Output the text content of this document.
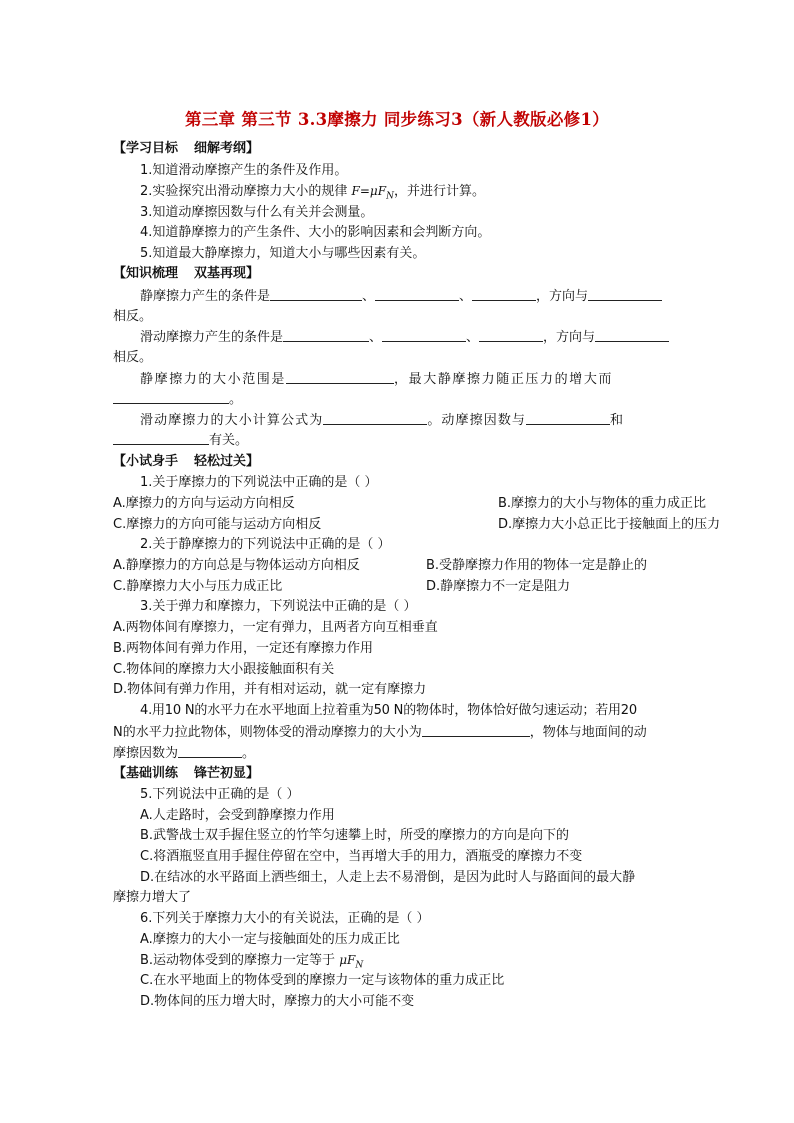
第三章 第三节 3.3摩擦力 同步练习3（新人教版必修1）
【学习目标 细解考纲】
1.知道滑动摩擦产生的条件及作用。
2.实验探究出滑动摩擦力大小的规律 $F=\mu F_N$，并进行计算。
3.知道动摩擦因数与什么有关并会测量。
4.知道静摩擦力的产生条件、大小的影响因素和会判断方向。
5.知道最大静摩擦力，知道大小与哪些因素有关。
【知识梳理 双基再现】
静摩擦力产生的条件是	、	、	，方向与
相反。
滑动摩擦力产生的条件是	、	、	，方向与
相反。
静摩擦力的大小范围是	，最大静摩擦力随正压力的增大而
。
滑动摩擦力的大小计算公式为	。动摩擦因数与	和
有关。
【小试身手 轻松过关】
1.关于摩擦力的下列说法中正确的是（ ）
A.摩擦力的方向与运动方向相反	B.摩擦力的大小与物体的重力成正比
C.摩擦力的方向可能与运动方向相反	D.摩擦力大小总正比于接触面上的压力
2.关于静摩擦力的下列说法中正确的是（ ）
A.静摩擦力的方向总是与物体运动方向相反	B.受静摩擦力作用的物体一定是静止的
C.静摩擦力大小与压力成正比	D.静摩擦力不一定是阻力
3.关于弹力和摩擦力，下列说法中正确的是（ ）
A.两物体间有摩擦力，一定有弹力，且两者方向互相垂直
B.两物体间有弹力作用，一定还有摩擦力作用
C.物体间的摩擦力大小跟接触面积有关
D.物体间有弹力作用，并有相对运动，就一定有摩擦力
4.用10 N的水平力在水平地面上拉着重为50 N的物体时，物体恰好做匀速运动；若用20
N的水平力拉此物体，则物体受的滑动摩擦力的大小为	，物体与地面间的动
摩擦因数为	。
【基础训练 锋芒初显】
5.下列说法中正确的是（ ）
A.人走路时，会受到静摩擦力作用
B.武警战士双手握住竖立的竹竿匀速攀上时，所受的摩擦力的方向是向下的
C.将酒瓶竖直用手握住停留在空中，当再增大手的用力，酒瓶受的摩擦力不变
D.在结冰的水平路面上洒些细土，人走上去不易滑倒，是因为此时人与路面间的最大静
摩擦力增大了
6.下列关于摩擦力大小的有关说法，正确的是（ ）
A.摩擦力的大小一定与接触面处的压力成正比
B.运动物体受到的摩擦力一定等于 $\mu F_N$
C.在水平地面上的物体受到的摩擦力一定与该物体的重力成正比
D.物体间的压力增大时，摩擦力的大小可能不变
